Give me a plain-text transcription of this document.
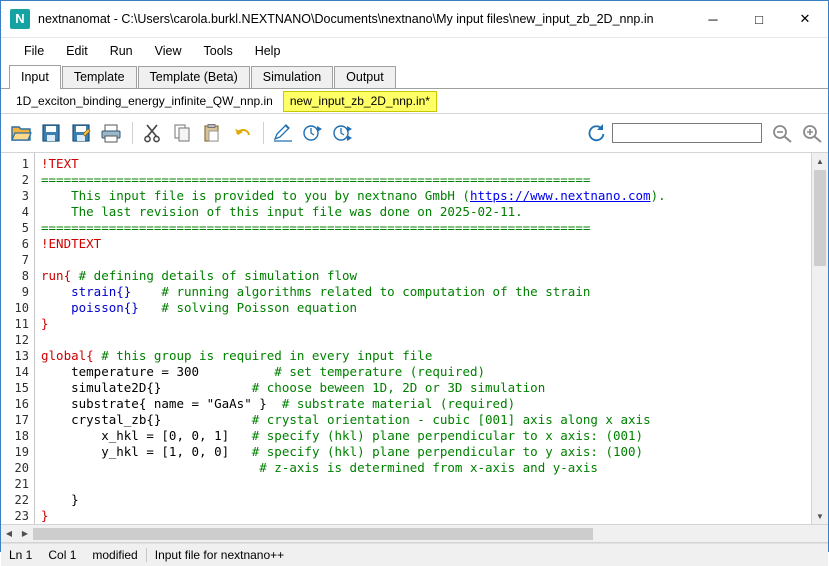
N	nextnanomat - C:\Users\carola.burkl.NEXTNANO\Documents\nextnano\My input files\new_input_zb_2D_nnp.in	─	□	✕
File	Edit	Run	View	Tools	Help
Input	Template	Template (Beta)	Simulation	Output
1D_exciton_binding_energy_infinite_QW_nnp.in	new_input_zb_2D_nnp.in*
1
2
3
4
5
6
7
8
9
10
11
12
13
14
15
16
17
18
19
20
21
22
23
!TEXT
=========================================================================
This input file is provided to you by nextnano GmbH (https://www.nextnano.com).
The last revision of this input file was done on 2025-02-11.
=========================================================================
!ENDTEXT
run{ # defining details of simulation flow
strain{}    # running algorithms related to computation of the strain
poisson{}   # solving Poisson equation
}
global{ # this group is required in every input file
temperature = 300          # set temperature (required)
simulate2D{}            # choose beween 1D, 2D or 3D simulation
substrate{ name = "GaAs" }  # substrate material (required)
crystal_zb{}            # crystal orientation - cubic [001] axis along x axis
x_hkl = [0, 0, 1]   # specify (hkl) plane perpendicular to x axis: (001)
y_hkl = [1, 0, 0]   # specify (hkl) plane perpendicular to y axis: (100)
# z-axis is determined from x-axis and y-axis
}
}
▲
▼
◀	▶
Ln 1	Col 1	modified	Input file for nextnano++
